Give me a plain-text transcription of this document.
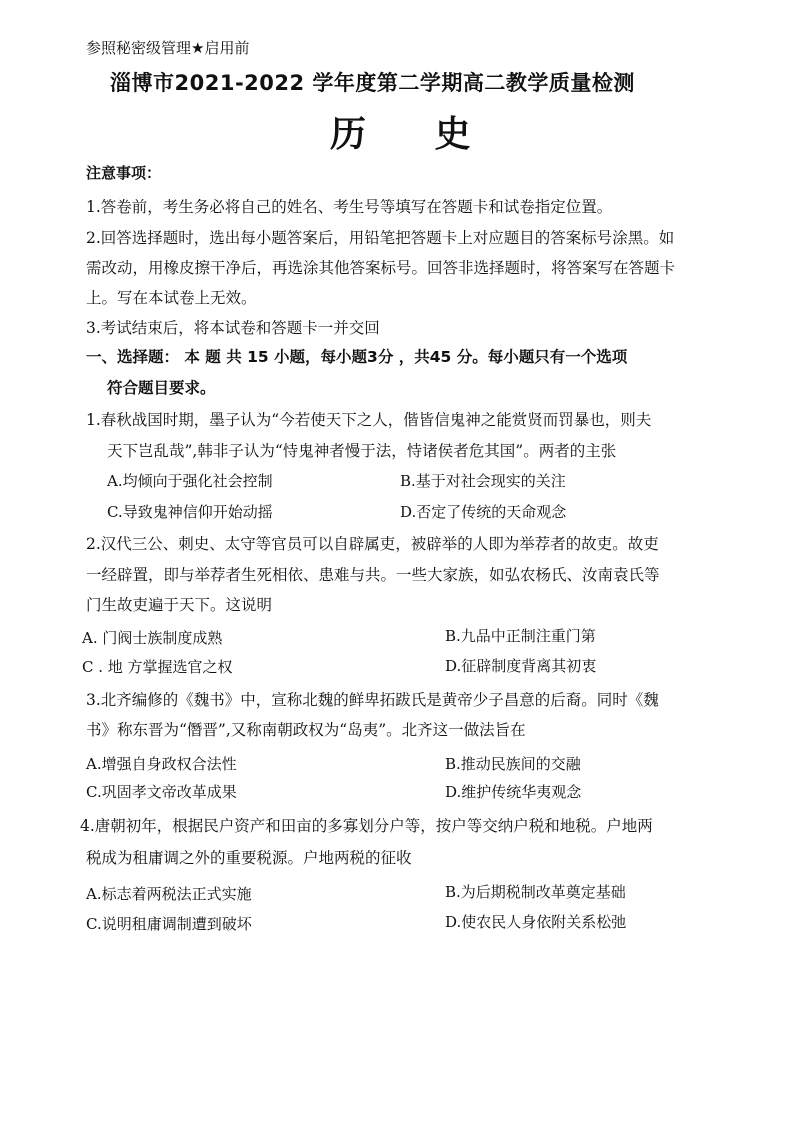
参照秘密级管理★启用前
淄博市2021-2022 学年度第二学期高二教学质量检测
历 史
注意事项：
1.答卷前，考生务必将自己的姓名、考生号等填写在答题卡和试卷指定位置。
2.回答选择题时，选出每小题答案后，用铅笔把答题卡上对应题目的答案标号涂黑。如
需改动，用橡皮擦干净后，再选涂其他答案标号。回答非选择题时，将答案写在答题卡
上。写在本试卷上无效。
3.考试结束后，将本试卷和答题卡一并交回
一、选择题： 本 题 共 15 小题，每小题3分 ，共45 分。每小题只有一个选项
符合题目要求。
1.春秋战国时期，墨子认为“今若使天下之人，偕皆信鬼神之能赏贤而罚暴也，则夫
天下岂乱哉”,韩非子认为“恃鬼神者慢于法，恃诸侯者危其国”。两者的主张
A.均倾向于强化社会控制	B.基于对社会现实的关注
C.导致鬼神信仰开始动摇	D.否定了传统的天命观念
2.汉代三公、刺史、太守等官员可以自辟属吏，被辟举的人即为举荐者的故吏。故吏
一经辟置，即与举荐者生死相依、患难与共。一些大家族，如弘农杨氏、汝南袁氏等
门生故吏遍于天下。这说明
A. 门阀士族制度成熟	B.九品中正制注重门第
C . 地 方掌握选官之权	D.征辟制度背离其初衷
3.北齐编修的《魏书》中，宣称北魏的鲜卑拓跋氏是黄帝少子昌意的后裔。同时《魏
书》称东晋为“僭晋”,又称南朝政权为“岛夷”。北齐这一做法旨在
A.增强自身政权合法性	B.推动民族间的交融
C.巩固孝文帝改革成果	D.维护传统华夷观念
4.唐朝初年，根据民户资产和田亩的多寡划分户等，按户等交纳户税和地税。户地两
税成为租庸调之外的重要税源。户地两税的征收
A.标志着两税法正式实施	B.为后期税制改革奠定基础
C.说明租庸调制遭到破坏	D.使农民人身依附关系松弛
